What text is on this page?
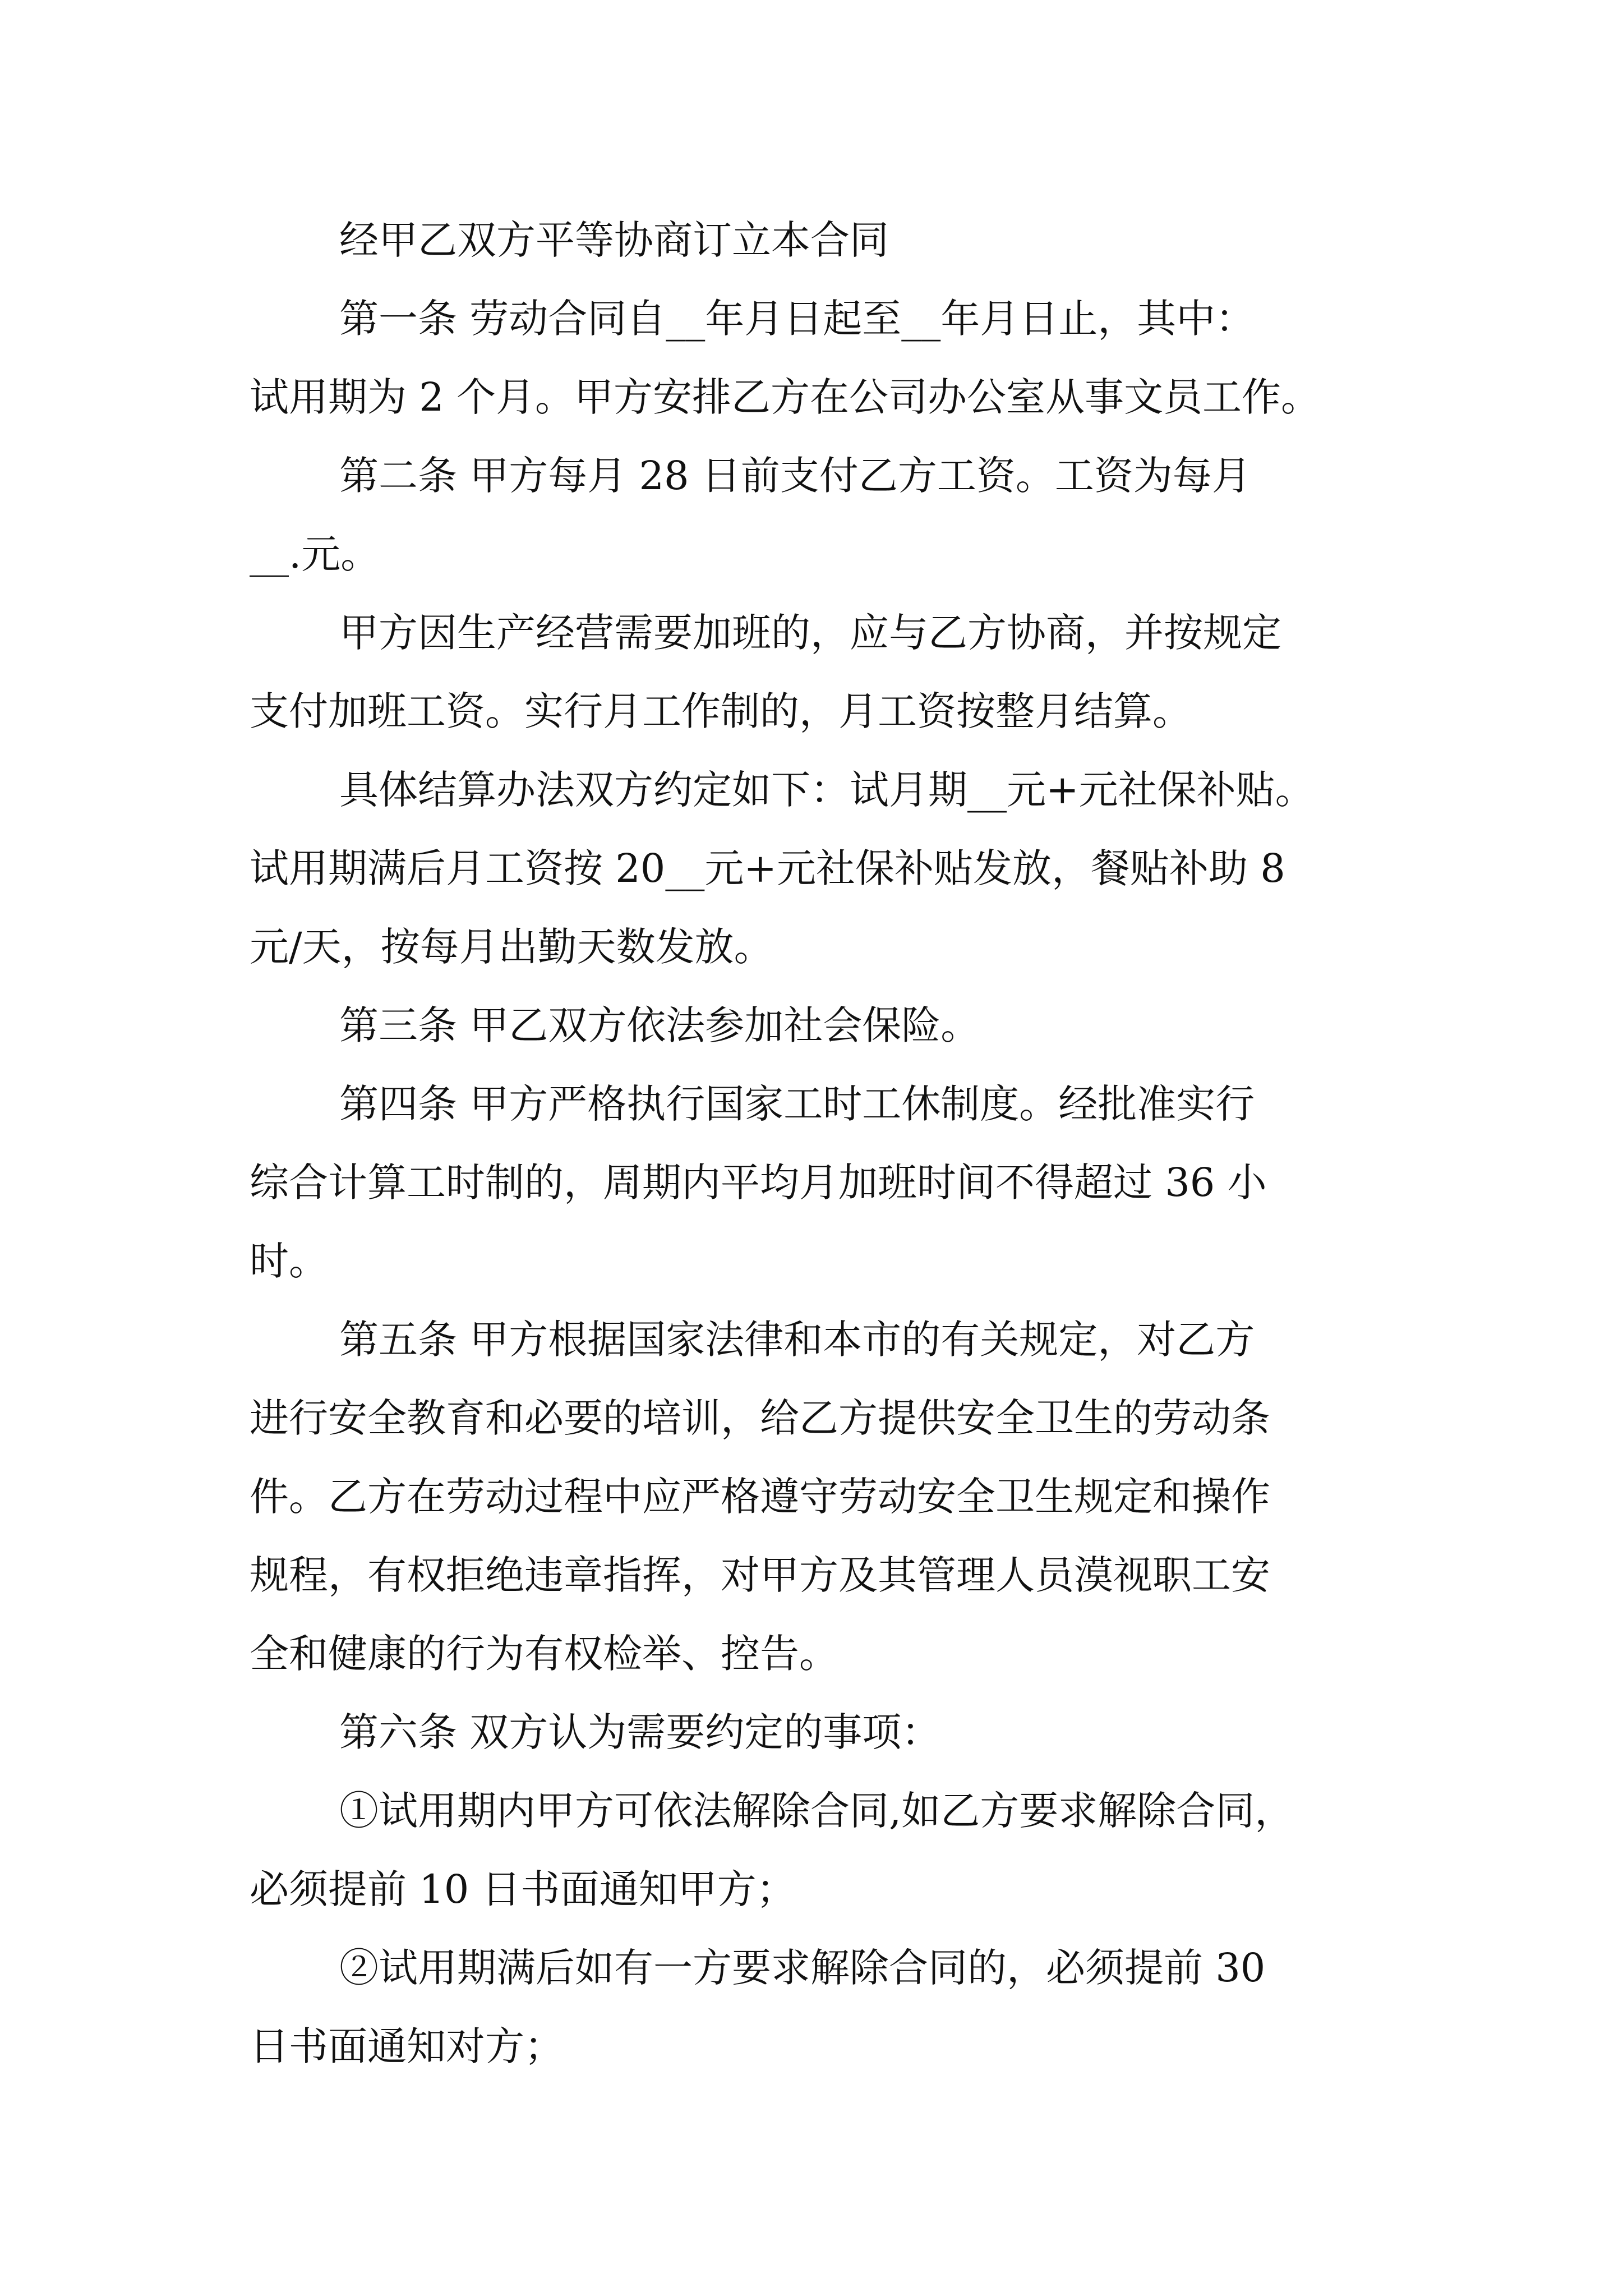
经甲乙双方平等协商订立本合同

第一条 劳动合同自__年月日起至__年月日止，其中：

试用期为 2 个月。甲方安排乙方在公司办公室从事文员工作。

第二条 甲方每月 28 日前支付乙方工资。工资为每月

__.元。

甲方因生产经营需要加班的，应与乙方协商，并按规定

支付加班工资。实行月工作制的，月工资按整月结算。

具体结算办法双方约定如下：试月期__元+元社保补贴。

试用期满后月工资按 20__元+元社保补贴发放，餐贴补助 8

元/天，按每月出勤天数发放。

第三条 甲乙双方依法参加社会保险。

第四条 甲方严格执行国家工时工休制度。经批准实行

综合计算工时制的，周期内平均月加班时间不得超过 36 小

时。

第五条 甲方根据国家法律和本市的有关规定，对乙方

进行安全教育和必要的培训，给乙方提供安全卫生的劳动条

件。乙方在劳动过程中应严格遵守劳动安全卫生规定和操作

规程，有权拒绝违章指挥，对甲方及其管理人员漠视职工安

全和健康的行为有权检举、控告。

第六条 双方认为需要约定的事项：

①试用期内甲方可依法解除合同,如乙方要求解除合同，

必须提前 10 日书面通知甲方；

②试用期满后如有一方要求解除合同的，必须提前 30

日书面通知对方；
